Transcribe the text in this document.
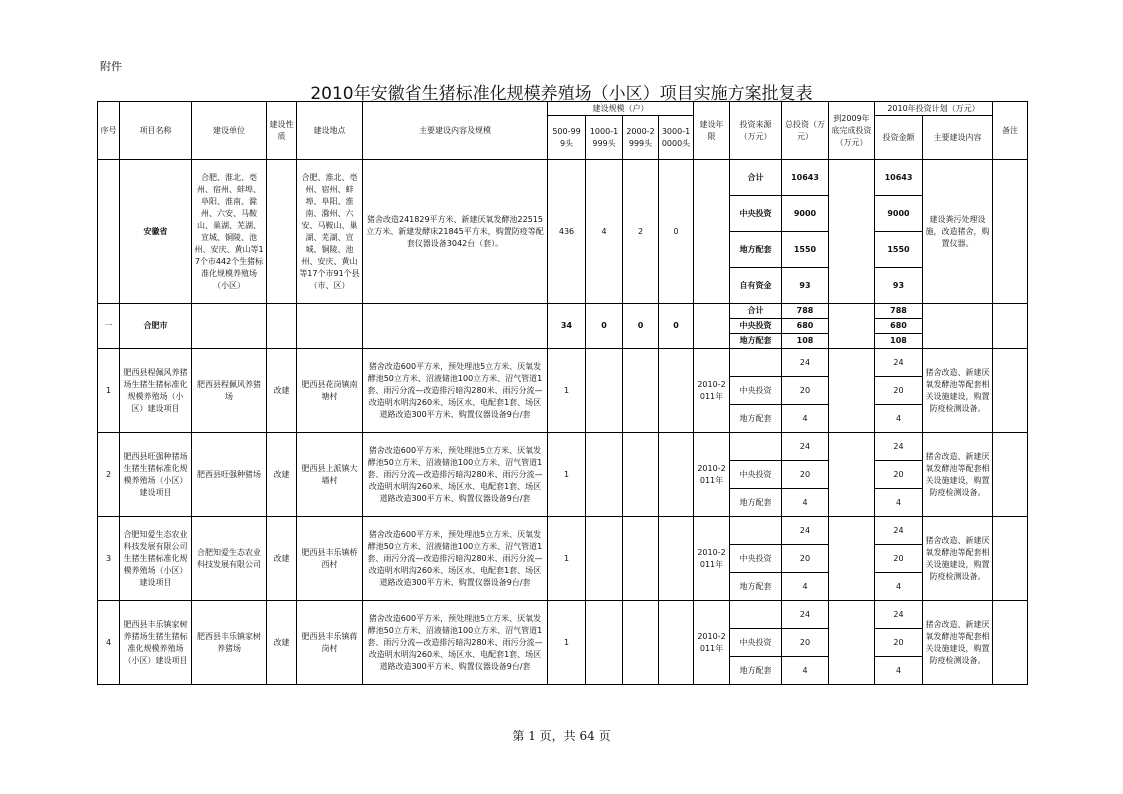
附件
2010年安徽省生猪标准化规模养殖场（小区）项目实施方案批复表
序号	项目名称	建设单位	建设性质	建设地点	主要建设内容及规模	建设规模（户）				建设年限	投资来源（万元）	总投资（万元）	到2009年底完成投资（万元）	2010年投资计划（万元）		备注
						500-999头	1000-1999头	2000-2999头	3000-10000头					投资金额	主要建设内容	
	安徽省	合肥、淮北、亳州、宿州、蚌埠、阜阳、淮南、滁州、六安、马鞍山、巢湖、芜湖、宣城、铜陵、池州、安庆、黄山等17个市442个生猪标准化规模养殖场（小区）		合肥、淮北、亳州、宿州、蚌埠、阜阳、淮南、滁州、六安、马鞍山、巢湖、芜湖、宣城、铜陵、池州、安庆、黄山等17个市91个县（市、区）	猪舍改造241829平方米、新建厌氧发酵池22515立方米、新建发酵床21845平方米，购置防疫等配套仪器设备3042台（套）。	436	4	2	0		合计	10643		10643	建设粪污处理设施，改造猪舍，购置仪器。	
											中央投资	9000		9000		
											地方配套	1550		1550		
											自有资金	93		93		
一	合肥市					34	0	0	0		合计	788		788		
											中央投资	680		680		
											地方配套	108		108		
1	肥西县程佩风养猪场生猪生猪标准化规模养殖场（小区）建设项目	肥西县程佩风养猪场	改建	肥西县花岗镇南塘村	猪舍改造600平方米，预处理池5立方米、厌氧发酵池50立方米、沼液储池100立方米、沼气管道1套、雨污分流—改造排污暗沟280米、雨污分流—改造明水明沟260米、场区水、电配套1套、场区道路改造300平方米、购置仪器设备9台/套	1				2010-2011年		24		24	猪舍改造、新建厌氧发酵池等配套相关设施建设，购置防疫检测设备。	
											中央投资	20		20		
											地方配套	4		4		
2	肥西县旺强种猪场生猪生猪标准化规模养殖场（小区）建设项目	肥西县旺强种猪场	改建	肥西县上派镇大墙村	猪舍改造600平方米，预处理池5立方米、厌氧发酵池50立方米、沼液储池100立方米、沼气管道1套、雨污分流—改造排污暗沟280米、雨污分流—改造明水明沟260米、场区水、电配套1套、场区道路改造300平方米、购置仪器设备9台/套	1				2010-2011年		24		24	猪舍改造、新建厌氧发酵池等配套相关设施建设，购置防疫检测设备。	
											中央投资	20		20		
											地方配套	4		4		
3	合肥知爱生态农业科技发展有限公司生猪生猪标准化规模养殖场（小区）建设项目	合肥知爱生态农业科技发展有限公司	改建	肥西县丰乐镇桥西村	猪舍改造600平方米，预处理池5立方米、厌氧发酵池50立方米、沼液储池100立方米、沼气管道1套、雨污分流—改造排污暗沟280米、雨污分流—改造明水明沟260米、场区水、电配套1套、场区道路改造300平方米、购置仪器设备9台/套	1				2010-2011年		24		24	猪舍改造、新建厌氧发酵池等配套相关设施建设，购置防疫检测设备。	
											中央投资	20		20		
											地方配套	4		4		
4	肥西县丰乐镇家树养猪场生猪生猪标准化规模养殖场（小区）建设项目	肥西县丰乐镇家树养猪场	改建	肥西县丰乐镇蒋岗村	猪舍改造600平方米，预处理池5立方米、厌氧发酵池50立方米、沼液储池100立方米、沼气管道1套、雨污分流—改造排污暗沟280米、雨污分流—改造明水明沟260米、场区水、电配套1套、场区道路改造300平方米、购置仪器设备9台/套	1				2010-2011年		24		24	猪舍改造、新建厌氧发酵池等配套相关设施建设，购置防疫检测设备。	
											中央投资	20		20		
											地方配套	4		4		
第 1 页，共 64 页
